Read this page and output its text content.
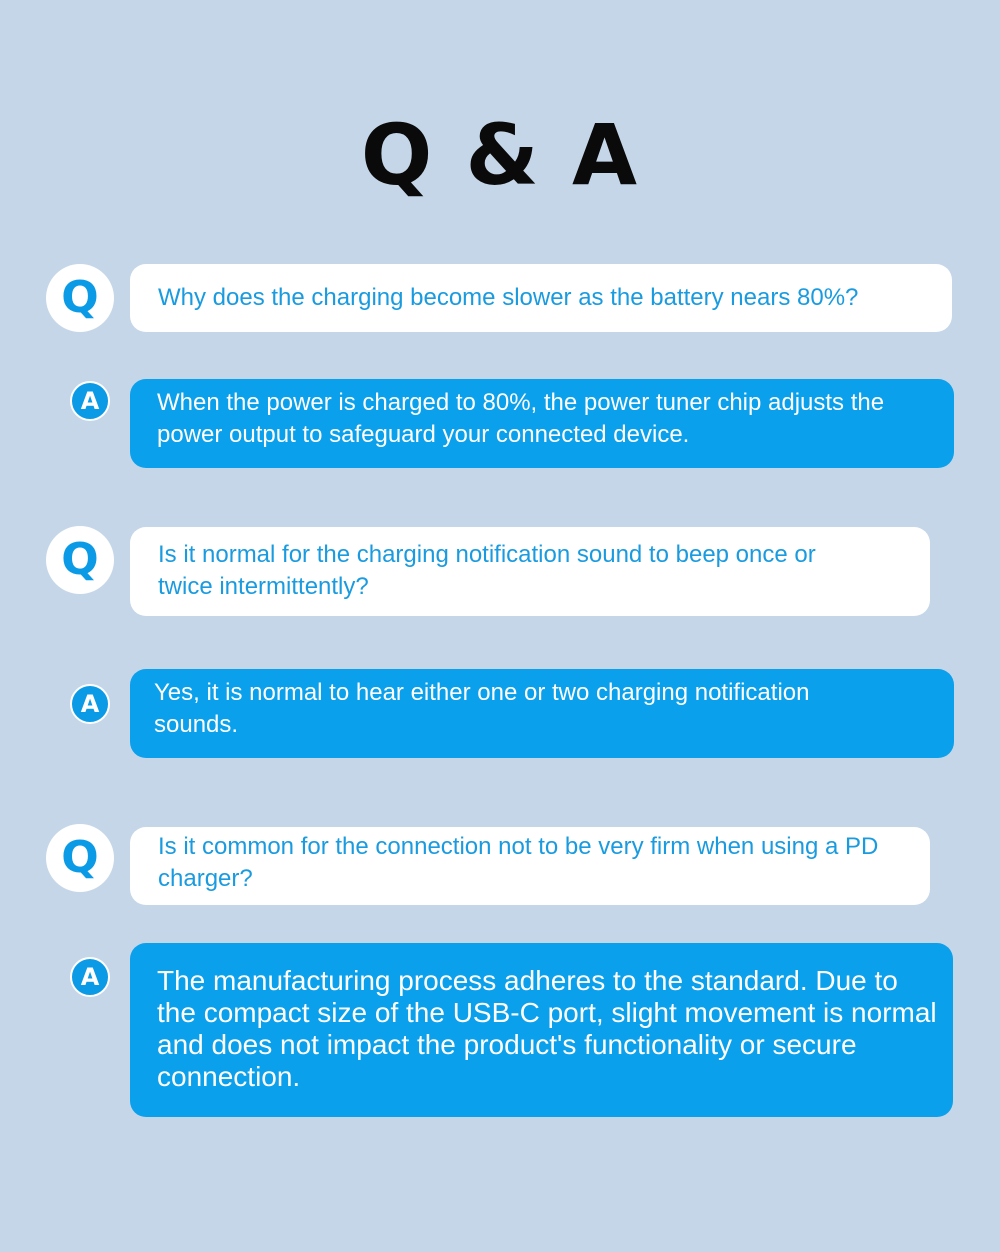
Q & A
Q	Why does the charging become slower as the battery nears 80%?
A	When the power is charged to 80%, the power tuner chip adjusts the power output to safeguard your connected device.
Q	Is it normal for the charging notification sound to beep once or twice intermittently?
A	Yes, it is normal to hear either one or two charging notification sounds.
Q	Is it common for the connection not to be very firm when using a PD charger?
A	The manufacturing process adheres to the standard. Due to the compact size of the USB-C port, slight movement is normal and does not impact the product's functionality or secure connection.
